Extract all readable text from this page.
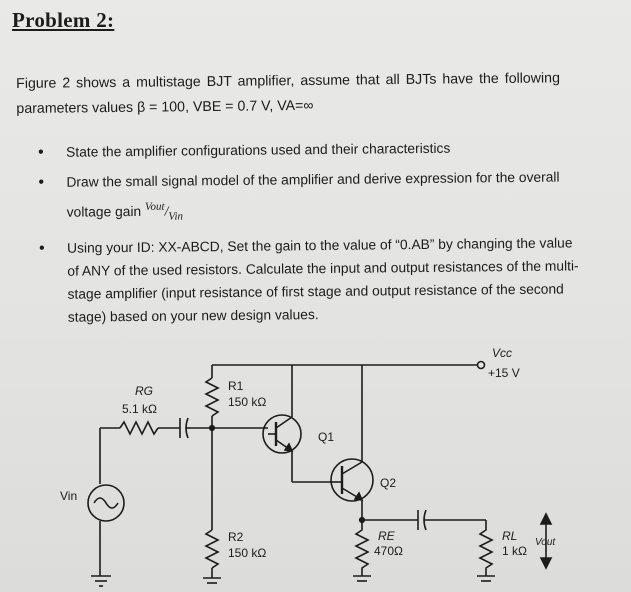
Problem 2:
Figure 2 shows a multistage BJT amplifier, assume that all BJTs have the following
parameters values β = 100, VBE = 0.7 V, VA=∞
• State the amplifier configurations used and their characteristics
• Draw the small signal model of the amplifier and derive expression for the overall
voltage gain $^{Vout}/_{Vin}$
• Using your ID: XX-ABCD, Set the gain to the value of “0.AB” by changing the value
of ANY of the used resistors. Calculate the input and output resistances of the multi-
stage amplifier (input resistance of first stage and output resistance of the second
stage) based on your new design values.
Vcc
+15 V
R1
150 kΩ
RG
5.1 kΩ
Vin
R2
150 kΩ
Q1
Q2
RE
470Ω
RL
1 kΩ
Vout
